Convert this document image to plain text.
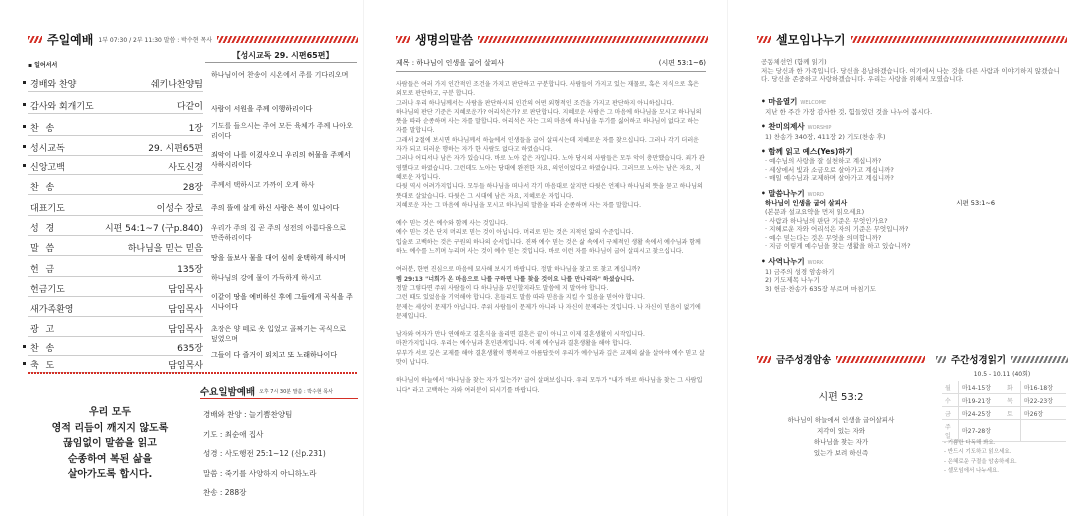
주일예배 1부 07:30 / 2부 11:30 말씀 : 박수현 목사
▪ 일어서서
경배와 찬양	쉐키나찬양팀
감사와 회개기도	다같이
찬 송	1장
성시교독	29. 시편65편
신앙고백	사도신경
찬 송	28장
대표기도	이성수 장로
성 경	시편 54:1~7 (구p.840)
말 씀	하나님을 믿는 믿음
헌 금	135장
헌금기도	담임목사
새가족환영	담임목사
광 고	담임목사
찬 송	635장
축 도	담임목사
【성시교독 29. 시편65편】
하나님이여 찬송이 시온에서 주를 기다리오며
사람이 서원을 주께 이행하리이다
기도를 들으시는 주여 모든 육체가 주께 나아오리이다
죄악이 나를 이겼사오니 우리의 허물을 주께서 사하시리이다
주께서 택하시고 가까이 오게 하사
주의 뜰에 살게 하신 사람은 복이 있나이다
우리가 주의 집 곧 주의 성전의 아름다움으로 만족하리이다
땅을 돌보사 물을 대어 심히 윤택하게 하시며
하나님의 강에 물이 가득하게 하시고
이같이 땅을 예비하신 후에 그들에게 곡식을 주시나이다
초장은 양 떼로 옷 입었고 골짜기는 곡식으로 덮였으며
그들이 다 즐거이 외치고 또 노래하나이다
우리 모두
영적 리듬이 깨지지 않도록
끊임없이 말씀을 읽고
순종하여 복된 삶을
살아가도록 합시다.
수요일밤예배 오후 7시 30분 말씀 : 박수현 목사
경배와 찬양 : 늘기쁨찬양팀
기도 : 최순애 집사
성경 : 사도행전 25:1~12 (신p.231)
말씀 : 죽기를 사양하지 아니하노라
찬송 : 288장
생명의말씀
제목 : 하나님이 인생을 굽어 살피사	(시편 53:1~6)

사람들은 여러 가지 인간적인 조건을 가지고 판단하고 구분합니다. 사람들이 가지고 있는 재물로, 혹은 지식으로 혹은 외모로 판단하고, 구분 합니다.
그러나 우리 하나님께서는 사람을 판단하시되 인간의 어떤 외형적인 조건을 가지고 판단하지 아니하십니다.
하나님의 판단 기준은 지혜로운가? 어리석은가? 로 판단합니다. 지혜로운 사람은 그 마음에 하나님을 모시고 하나님의 뜻을 따라 순종하며 사는 자를 말합니다. 어리석은 자는 그의 마음에 하나님을 두기를 싫어하고 하나님이 없다고 하는 자를 말합니다.
그래서 2절에 보시면 하나님께서 하늘에서 인생들을 굽어 살피시는데 지혜로운 자를 찾으십니다. 그러나 각기 더러운 자가 되고 더러운 행하는 자가 한 사람도 없다고 하였습니다.
그러나 어디서나 남은 자가 있습니다. 바로 노아 같은 자입니다. 노아 당시의 사람들은 모두 악이 충만했습니다. 죄가 관영했다고 하였습니다. 그런데도 노아는 당대에 완전한 자요, 의인이었다고 하였습니다. 그러므로 노아는 남은 자요, 지혜로운 자입니다.
다윗 역시 어려가지입니다. 모두들 하나님을 떠나서 각기 마음대로 살지만 다윗은 언제나 하나님의 뜻을 묻고 하나님의 뜻대로 살았습니다. 다윗은 그 시대에 남은 자요, 지혜로운 자입니다.
지혜로운 자는 그 마음에 하나님을 모시고 하나님의 말씀을 따라 순종하며 사는 자를 말합니다.

예수 믿는 것은 예수와 함께 사는 것입니다.
예수 믿는 것은 단지 머리로 믿는 것이 아닙니다. 머리로 믿는 것은 지적인 앎의 수준입니다.
입술로 고백하는 것은 구원의 하나의 순서입니다. 진짜 예수 믿는 것은 삶 속에서 구체적인 생활 속에서 예수님과 함께 하노 예수를 느끼며 누리며 사는 것이 예수 믿는 것입니다. 바로 이런 자를 하나님이 굽어 살피시고 찾으십니다.

여러분, 한번 진심으로 마음에 묘사해 보시기 바랍니다. 정말 하나님을 찾고 또 찾고 계십니까?
렘 29:13 "너희가 온 마음으로 나를 구하면 나를 찾을 것이요 나를 만나리라" 하셨습니다.
정말 그렇다면 주위 사람들이 다 하나님을 부인할지라도 말씀에 지 말아야 합니다.
그런 때도 있었음을 기억해야 합니다. 흔들리도 말씀 따라 믿음을 지킬 수 있음을 믿어야 합니다.
문제는 세상이 문제가 아닙니다. 주위 사람들이 문제가 아니라 나 자신이 문제라는 것입니다. 나 자신이 믿음이 없기에 문제입니다.

남자와 여자가 만나 연애하고 결혼식을 올리면 결혼은 끝이 아니고 이제 결혼생활이 시작입니다.
마찬가지입니다. 우리는 예수님과 혼인관계입니다. 이제 예수님과 결혼생활을 해야 합니다.
부부가 서로 깊은 교제를 해야 결혼생활이 행복하고 아름답듯이 우리가 예수님과 깊은 교제의 삶을 살아야 예수 믿고 살 맛이 납니다.

하나님이 하늘에서 '하나님을 찾는 자가 있는가?' 굽어 살펴보십니다. 우리 모두가 "내가 바로 하나님을 찾는 그 사람입니다" 라고 고백하는 자와 여러분이 되시기를 바랍니다.

셀모임나누기
공동체선언 (함께 읽기)
저는 당신과 한 가족입니다. 당신을 용납하겠습니다. 여기에서 나눈 것을 다른 사람과 이야기하지 않겠습니다. 당신을 존중하고 사랑하겠습니다. 우리는 사랑을 위해서 모였습니다.
• 마음열기 WELCOME
지난 한 주간 가장 감사한 것, 힘들었던 것을 나누어 봅시다.
• 찬미의제사 WORSHIP
1) 찬송가 340장, 411장 2) 기도(찬송 후)
• 함께 읽고 예스(Yes)하기
· 예수님의 사랑을 잘 실천하고 계십니까?
· 세상에서 빛과 소금으로 살아가고 계십니까?
· 매일 예수님과 교제하며 살아가고 계십니까?
• 말씀나누기 WORD
하나님이 인생을 굽어 살피사	시편 53:1~6
(본문과 설교요약을 먼저 읽으세요)
· 사람과 하나님의 판단 기준은 무엇인가요?
· 지혜로운 자와 어리석은 자의 기준은 무엇입니까?
· 예수 믿는다는 것은 무엇을 의미합니까?
· 지금 이렇게 예수님을 찾는 생활을 하고 있습니까?
• 사역나누기 WORK
1) 금주의 성경 암송하기
2) 기도제목 나누기
3) 헌금·찬송가 635장 부르며 마침기도
금주성경암송
시편 53:2
하나님이 하늘에서 인생을 굽어살피사
지각이 있는 자와
하나님을 찾는 자가
있는가 보려 하신즉
주간성경읽기
10.5 - 10.11 (40회)
월	마14-15장	화	마16-18장
수	마19-21장	목	마22-23장
금	마24-25장	토	마26장
주일	마27-28장		
- 기쁨한 다독해 봐요.
- 반드시 기도하고 읽으세요.
- 은혜로운 구절을 암송하세요.
- 셀모임에서 나누세요.
